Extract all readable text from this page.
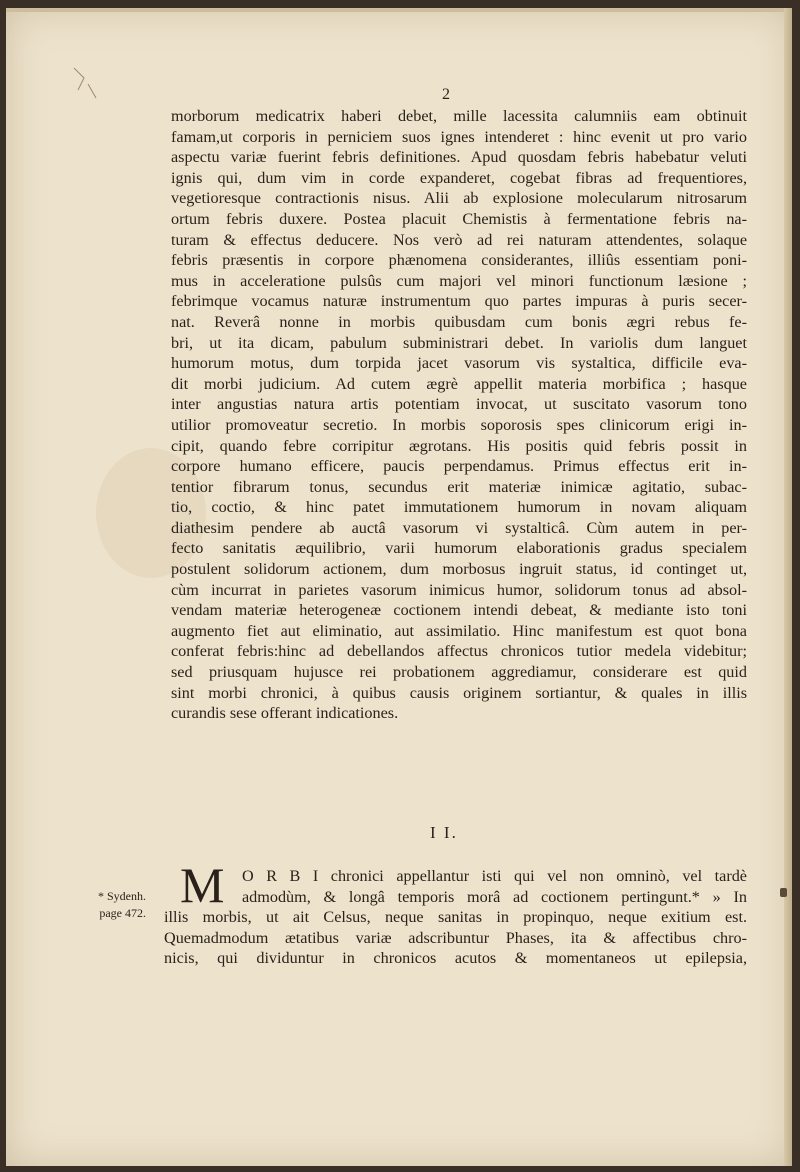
2
morborum medicatrix haberi debet, mille lacessita calumniis eam obtinuit
famam,ut corporis in perniciem suos ignes intenderet : hinc evenit ut pro vario
aspectu variæ fuerint febris definitiones. Apud quosdam febris habebatur veluti
ignis qui, dum vim in corde expanderet, cogebat fibras ad frequentiores,
vegetioresque contractionis nisus. Alii ab explosione molecularum nitrosarum
ortum febris duxere. Postea placuit Chemistis à fermentatione febris na-
turam & effectus deducere. Nos verò ad rei naturam attendentes, solaque
febris præsentis in corpore phænomena considerantes, illiûs essentiam poni-
mus in acceleratione pulsûs cum majori vel minori functionum læsione ;
febrimque vocamus naturæ instrumentum quo partes impuras à puris secer-
nat. Reverâ nonne in morbis quibusdam cum bonis ægri rebus fe-
bri, ut ita dicam, pabulum subministrari debet. In variolis dum languet
humorum motus, dum torpida jacet vasorum vis systaltica, difficile eva-
dit morbi judicium. Ad cutem ægrè appellit materia morbifica ; hasque
inter angustias natura artis potentiam invocat, ut suscitato vasorum tono
utilior promoveatur secretio. In morbis soporosis spes clinicorum erigi in-
cipit, quando febre corripitur ægrotans. His positis quid febris possit in
corpore humano efficere, paucis perpendamus. Primus effectus erit in-
tentior fibrarum tonus, secundus erit materiæ inimicæ agitatio, subac-
tio, coctio, & hinc patet immutationem humorum in novam aliquam
diathesim pendere ab auctâ vasorum vi systalticâ. Cùm autem in per-
fecto sanitatis æquilibrio, varii humorum elaborationis gradus specialem
postulent solidorum actionem, dum morbosus ingruit status, id continget ut,
cùm incurrat in parietes vasorum inimicus humor, solidorum tonus ad absol-
vendam materiæ heterogeneæ coctionem intendi debeat, & mediante isto toni
augmento fiet aut eliminatio, aut assimilatio. Hinc manifestum est quot bona
conferat febris:hinc ad debellandos affectus chronicos tutior medela videbitur;
sed priusquam hujusce rei probationem aggrediamur, considerare est quid
sint morbi chronici, à quibus causis originem sortiantur, & quales in illis
curandis sese offerant indicationes.
I I.
* Sydenh.
page 472. M	O R B I chronici appellantur isti qui vel non omninò, vel tardè
admodùm, & longâ temporis morâ ad coctionem pertingunt.* » In
illis morbis, ut ait Celsus, neque sanitas in propinquo, neque exitium est.
Quemadmodum ætatibus variæ adscribuntur Phases, ita & affectibus chro-
nicis, qui dividuntur in chronicos acutos & momentaneos ut epilepsia,
